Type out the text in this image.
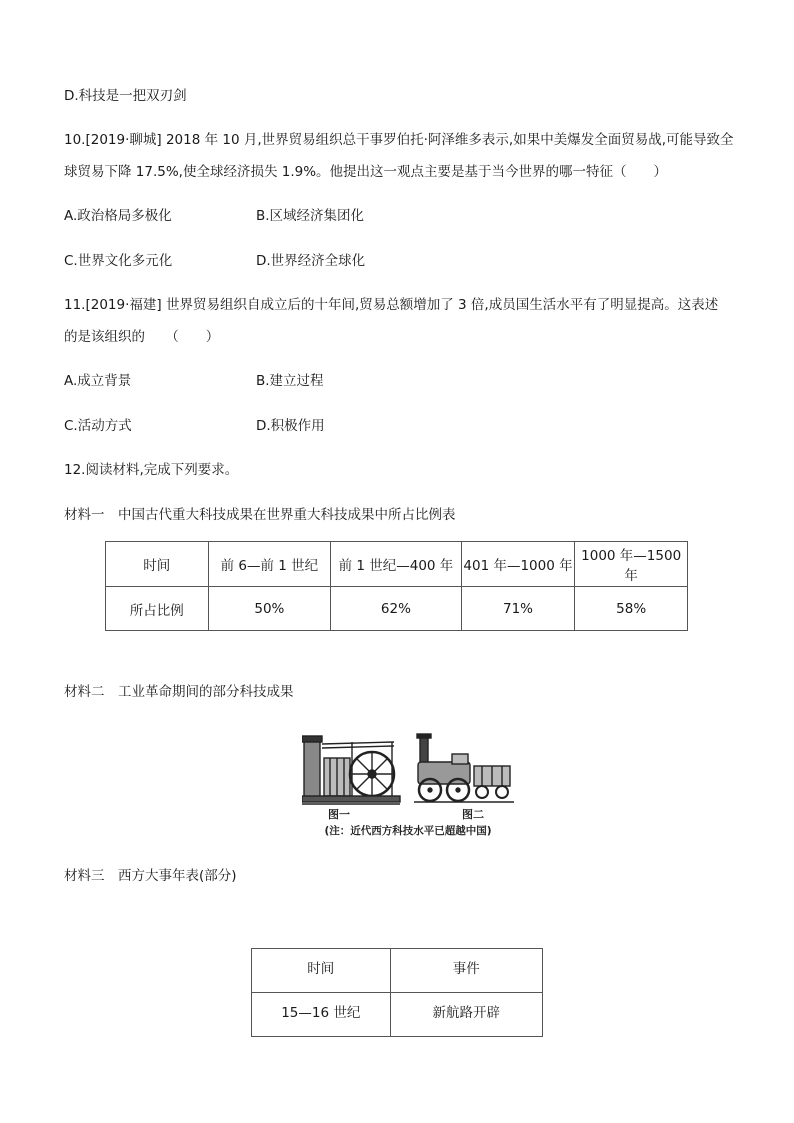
D.科技是一把双刃剑
10.[2019·聊城] 2018 年 10 月,世界贸易组织总干事罗伯托·阿泽维多表示,如果中美爆发全面贸易战,可能导致全
球贸易下降 17.5%,使全球经济损失 1.9%。他提出这一观点主要是基于当今世界的哪一特征（　　）
A.政治格局多极化	B.区域经济集团化
C.世界文化多元化	D.世界经济全球化
11.[2019·福建] 世界贸易组织自成立后的十年间,贸易总额增加了 3 倍,成员国生活水平有了明显提高。这表述
的是该组织的　　（　　）
A.成立背景	B.建立过程
C.活动方式	D.积极作用
12.阅读材料,完成下列要求。
材料一　中国古代重大科技成果在世界重大科技成果中所占比例表
时间	前 6—前 1 世纪	前 1 世纪—400 年	401 年—1000 年	1000 年—1500 年
所占比例	50%	62%	71%	58%
材料二　工业革命期间的部分科技成果
图一	图二
(注：近代西方科技水平已超越中国)
材料三　西方大事年表(部分)
时间	事件
15—16 世纪	新航路开辟
